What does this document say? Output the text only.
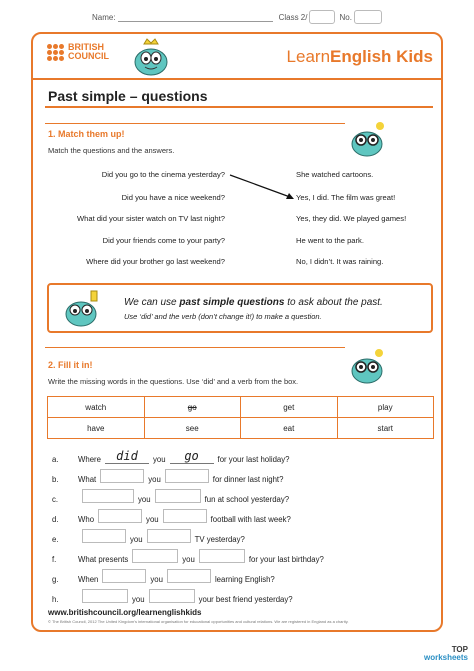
Name:	Class 2/	No.
BRITISH
COUNCIL	LearnEnglish Kids
Past simple – questions
1. Match them up!
Match the questions and the answers.
Did you go to the cinema yesterday?
Did you have a nice weekend?
What did your sister watch on TV last night?
Did your friends come to your party?
Where did your brother go last weekend?
She watched cartoons.
Yes, I did. The film was great!
Yes, they did. We played games!
He went to the park.
No, I didn’t. It was raining.
We can use past simple questions to ask about the past.
Use ‘did’ and the verb (don’t change it!) to make a question.
2. Fill it in!
Write the missing words in the questions. Use ‘did’ and a verb from the box.
watch	go	get	play
have	see	eat	start
a.	Where	did	you	go	for your last holiday?
b.	What	you	for dinner last night?
c.	you	fun at school yesterday?
d.	Who	you	football with last week?
e.	you	TV yesterday?
f.	What presents	you	for your last birthday?
g.	When	you	learning English?
h.	you	your best friend yesterday?
www.britishcouncil.org/learnenglishkids
© The British Council, 2012 The United Kingdom’s international organisation for educational opportunities and cultural relations. We are registered in England as a charity.
TOP
worksheets
